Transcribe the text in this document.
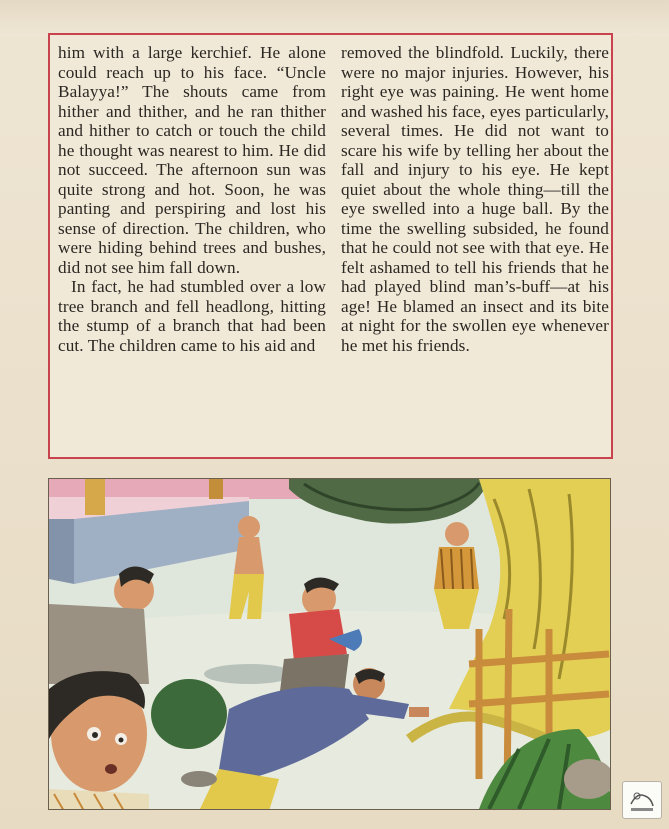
him with a large kerchief. He alone could reach up to his face. “Uncle Balayya!” The shouts came from hither and thither, and he ran thither and hither to catch or touch the child he thought was nearest to him. He did not succeed. The afternoon sun was quite strong and hot. Soon, he was panting and perspiring and lost his sense of direction. The children, who were hiding behind trees and bushes, did not see him fall down.

In fact, he had stumbled over a low tree branch and fell headlong, hitting the stump of a branch that had been cut. The children came to his aid and

removed the blindfold. Luckily, there were no major injuries. However, his right eye was paining. He went home and washed his face, eyes particularly, several times. He did not want to scare his wife by telling her about the fall and injury to his eye. He kept quiet about the whole thing—till the eye swelled into a huge ball. By the time the swelling subsided, he found that he could not see with that eye. He felt ashamed to tell his friends that he had played blind man’s-buff—at his age! He blamed an insect and its bite at night for the swollen eye whenever he met his friends.
